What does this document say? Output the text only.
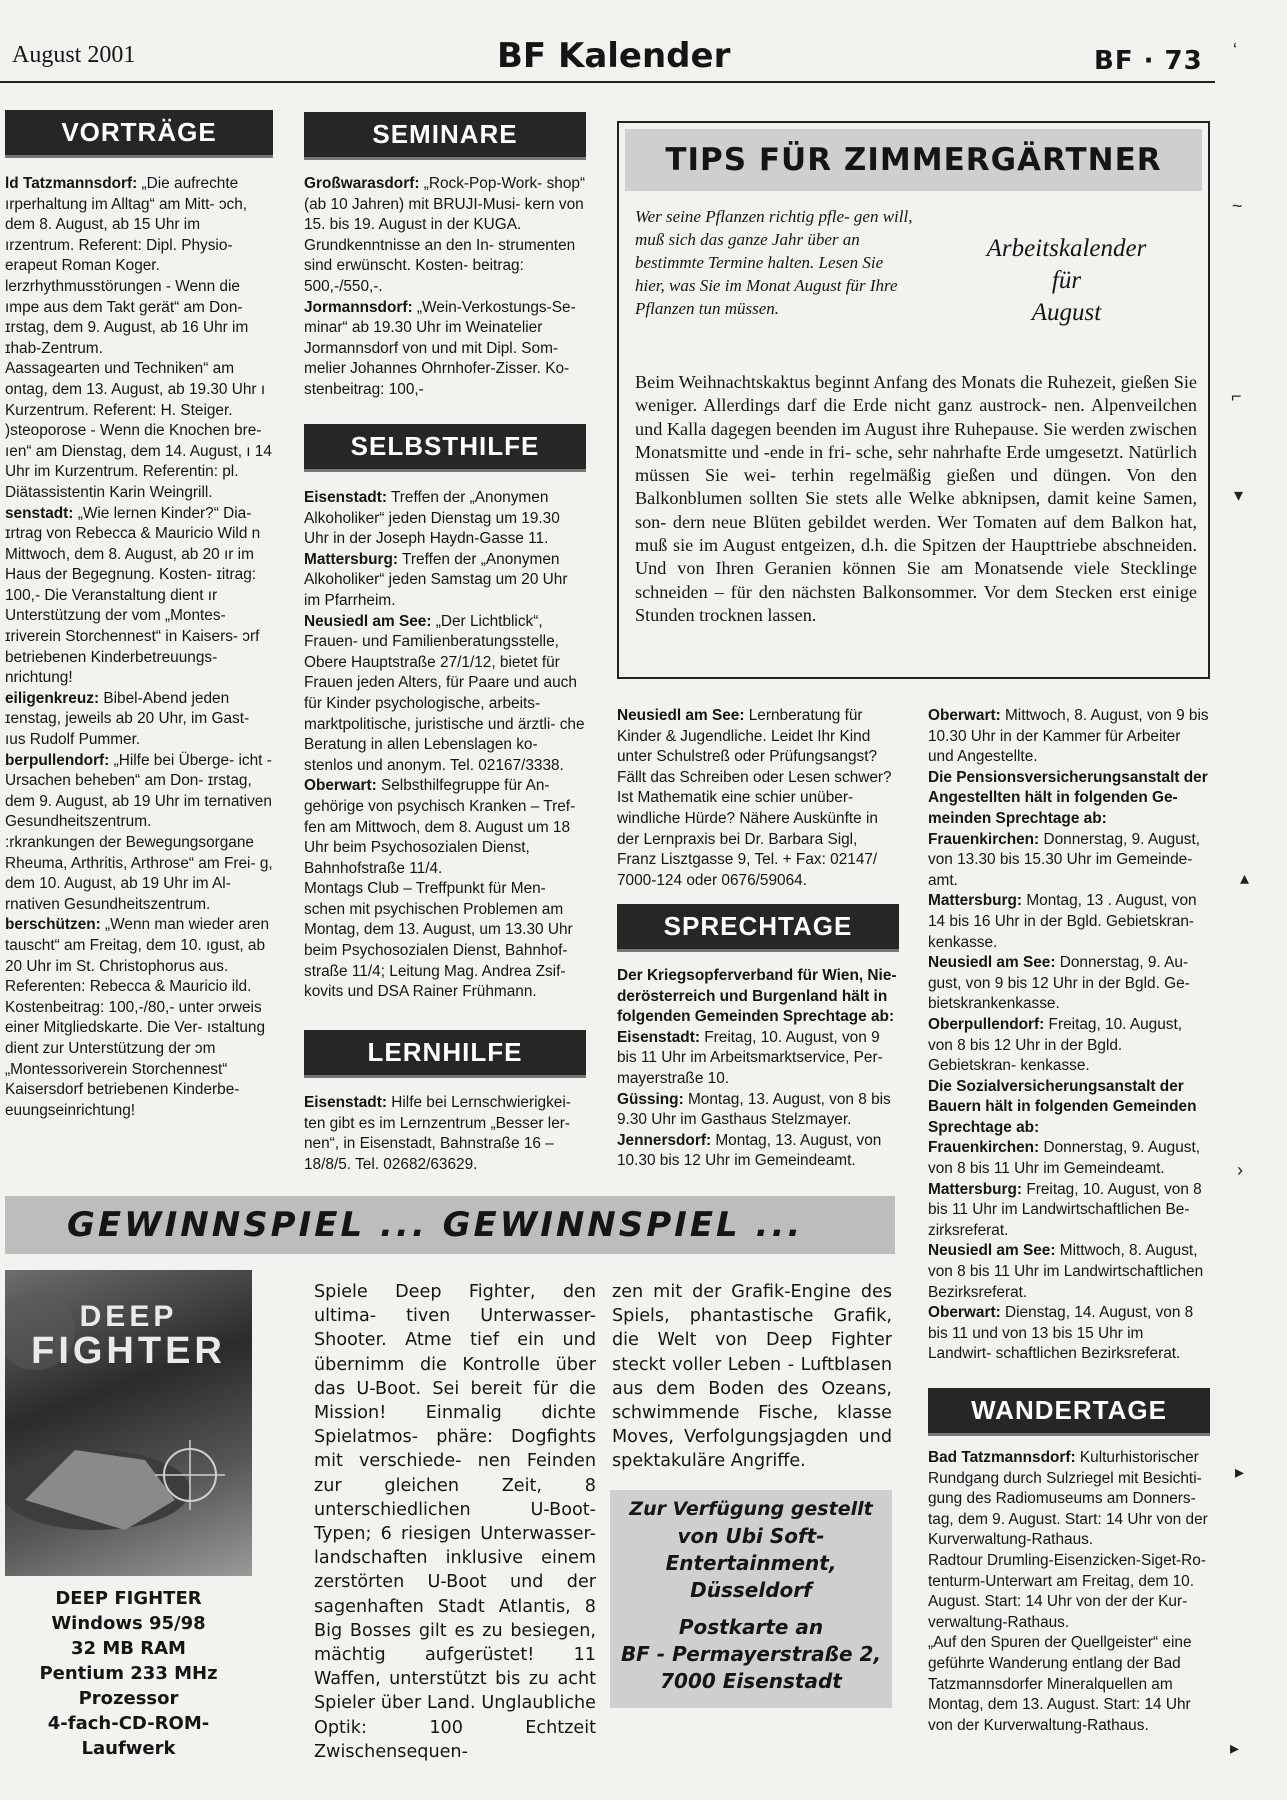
August 2001	BF Kalender	BF · 73
VORTRÄGE

ld Tatzmannsdorf: „Die aufrechte ırperhaltung im Alltag“ am Mitt- ɔch, dem 8. August, ab 15 Uhr im ırzentrum. Referent: Dipl. Physio- erapeut Roman Koger.

lerzrhythmusstörungen - Wenn die ımpe aus dem Takt gerät“ am Don- ɪrstag, dem 9. August, ab 16 Uhr im ɪhab-Zentrum.

Aassagearten und Techniken“ am ontag, dem 13. August, ab 19.30 Uhr ı Kurzentrum. Referent: H. Steiger.

)steoporose - Wenn die Knochen bre- ıen“ am Dienstag, dem 14. August, ı 14 Uhr im Kurzentrum. Referentin: pl. Diätassistentin Karin Weingrill.

senstadt: „Wie lernen Kinder?“ Dia- ɪrtrag von Rebecca & Mauricio Wild n Mittwoch, dem 8. August, ab 20 ır im Haus der Begegnung. Kosten- ɪitrag: 100,- Die Veranstaltung dient ır Unterstützung der vom „Montes- ɪriverein Storchennest“ in Kaisers- ɔrf betriebenen Kinderbetreuungs- nrichtung!

eiligenkreuz: Bibel-Abend jeden ɪenstag, jeweils ab 20 Uhr, im Gast- ıus Rudolf Pummer.

berpullendorf: „Hilfe bei Überge- icht - Ursachen beheben“ am Don- ɪrstag, dem 9. August, ab 19 Uhr im ternativen Gesundheitszentrum.

:rkrankungen der Bewegungsorgane Rheuma, Arthritis, Arthrose“ am Frei- g, dem 10. August, ab 19 Uhr im Al- rnativen Gesundheitszentrum.

berschützen: „Wenn man wieder aren tauscht“ am Freitag, dem 10. ıgust, ab 20 Uhr im St. Christophorus aus. Referenten: Rebecca & Mauricio ild. Kostenbeitrag: 100,-/80,- unter ɔrweis einer Mitgliedskarte. Die Ver- ıstaltung dient zur Unterstützung der ɔm „Montessoriverein Storchennest“ Kaisersdorf betriebenen Kinderbe- euungseinrichtung!

SEMINARE

Großwarasdorf: „Rock-Pop-Work- shop“ (ab 10 Jahren) mit BRUJI-Musi- kern von 15. bis 19. August in der KUGA. Grundkenntnisse an den In- strumenten sind erwünscht. Kosten- beitrag: 500,-/550,-.

Jormannsdorf: „Wein-Verkostungs-Se- minar“ ab 19.30 Uhr im Weinatelier Jormannsdorf von und mit Dipl. Som- melier Johannes Ohrnhofer-Zisser. Ko- stenbeitrag: 100,-

SELBSTHILFE

Eisenstadt: Treffen der „Anonymen Alkoholiker“ jeden Dienstag um 19.30 Uhr in der Joseph Haydn-Gasse 11.

Mattersburg: Treffen der „Anonymen Alkoholiker“ jeden Samstag um 20 Uhr im Pfarrheim.

Neusiedl am See: „Der Lichtblick“, Frauen- und Familienberatungsstelle, Obere Hauptstraße 27/1/12, bietet für Frauen jeden Alters, für Paare und auch für Kinder psychologische, arbeits- marktpolitische, juristische und ärztli- che Beratung in allen Lebenslagen ko- stenlos und anonym. Tel. 02167/3338.

Oberwart: Selbsthilfegruppe für An- gehörige von psychisch Kranken – Tref- fen am Mittwoch, dem 8. August um 18 Uhr beim Psychosozialen Dienst, Bahnhofstraße 11/4.

Montags Club – Treffpunkt für Men- schen mit psychischen Problemen am Montag, dem 13. August, um 13.30 Uhr beim Psychosozialen Dienst, Bahnhof- straße 11/4; Leitung Mag. Andrea Zsif- kovits und DSA Rainer Frühmann.

LERNHILFE

Eisenstadt: Hilfe bei Lernschwierigkei- ten gibt es im Lernzentrum „Besser ler- nen“, in Eisenstadt, Bahnstraße 16 – 18/8/5. Tel. 02682/63629.

TIPS FÜR ZIMMERGÄRTNER
Wer seine Pflanzen richtig pfle- gen will, muß sich das ganze Jahr über an bestimmte Termine halten. Lesen Sie hier, was Sie im Monat August für Ihre Pflanzen tun müssen.
Arbeitskalender
für
August
Beim Weihnachtskaktus beginnt Anfang des Monats die Ruhezeit, gießen Sie weniger. Allerdings darf die Erde nicht ganz austrock- nen. Alpenveilchen und Kalla dagegen beenden im August ihre Ruhepause. Sie werden zwischen Monatsmitte und -ende in fri- sche, sehr nahrhafte Erde umgesetzt. Natürlich müssen Sie wei- terhin regelmäßig gießen und düngen. Von den Balkonblumen sollten Sie stets alle Welke abknipsen, damit keine Samen, son- dern neue Blüten gebildet werden. Wer Tomaten auf dem Balkon hat, muß sie im August entgeizen, d.h. die Spitzen der Haupttriebe abschneiden. Und von Ihren Geranien können Sie am Monatsende viele Stecklinge schneiden – für den nächsten Balkonsommer. Vor dem Stecken erst einige Stunden trocknen lassen.
Neusiedl am See: Lernberatung für Kinder & Jugendliche. Leidet Ihr Kind unter Schulstreß oder Prüfungsangst? Fällt das Schreiben oder Lesen schwer? Ist Mathematik eine schier unüber- windliche Hürde? Nähere Auskünfte in der Lernpraxis bei Dr. Barbara Sigl, Franz Lisztgasse 9, Tel. + Fax: 02147/ 7000-124 oder 0676/59064.
SPRECHTAGE

Der Kriegsopferverband für Wien, Nie- derösterreich und Burgenland hält in folgenden Gemeinden Sprechtage ab:

Eisenstadt: Freitag, 10. August, von 9 bis 11 Uhr im Arbeitsmarktservice, Per- mayerstraße 10.

Güssing: Montag, 13. August, von 8 bis 9.30 Uhr im Gasthaus Stelzmayer.

Jennersdorf: Montag, 13. August, von 10.30 bis 12 Uhr im Gemeindeamt.

Oberwart: Mittwoch, 8. August, von 9 bis 10.30 Uhr in der Kammer für Arbeiter und Angestellte.

Die Pensionsversicherungsanstalt der Angestellten hält in folgenden Ge- meinden Sprechtage ab:

Frauenkirchen: Donnerstag, 9. August, von 13.30 bis 15.30 Uhr im Gemeinde- amt.

Mattersburg: Montag, 13 . August, von 14 bis 16 Uhr in der Bgld. Gebietskran- kenkasse.

Neusiedl am See: Donnerstag, 9. Au- gust, von 9 bis 12 Uhr in der Bgld. Ge- bietskrankenkasse.

Oberpullendorf: Freitag, 10. August, von 8 bis 12 Uhr in der Bgld. Gebietskran- kenkasse.

Die Sozialversicherungsanstalt der Bauern hält in folgenden Gemeinden Sprechtage ab:

Frauenkirchen: Donnerstag, 9. August, von 8 bis 11 Uhr im Gemeindeamt.

Mattersburg: Freitag, 10. August, von 8 bis 11 Uhr im Landwirtschaftlichen Be- zirksreferat.

Neusiedl am See: Mittwoch, 8. August, von 8 bis 11 Uhr im Landwirtschaftlichen Bezirksreferat.

Oberwart: Dienstag, 14. August, von 8 bis 11 und von 13 bis 15 Uhr im Landwirt- schaftlichen Bezirksreferat.

WANDERTAGE

Bad Tatzmannsdorf: Kulturhistorischer Rundgang durch Sulzriegel mit Besichti- gung des Radiomuseums am Donners- tag, dem 9. August. Start: 14 Uhr von der Kurverwaltung-Rathaus.

Radtour Drumling-Eisenzicken-Siget-Ro- tenturm-Unterwart am Freitag, dem 10. August. Start: 14 Uhr von der der Kur- verwaltung-Rathaus.

„Auf den Spuren der Quellgeister“ eine geführte Wanderung entlang der Bad Tatzmannsdorfer Mineralquellen am Montag, dem 13. August. Start: 14 Uhr von der Kurverwaltung-Rathaus.

GEWINNSPIEL ... GEWINNSPIEL ...
DEEP
FIGHTER
DEEP FIGHTER
Windows 95/98
32 MB RAM
Pentium 233 MHz Prozessor
4-fach-CD-ROM-Laufwerk
Spiele Deep Fighter, den ultima- tiven Unterwasser-Shooter. Atme tief ein und übernimm die Kontrolle über das U-Boot. Sei bereit für die Mission! Einmalig dichte Spielatmos- phäre: Dogfights mit verschiede- nen Feinden zur gleichen Zeit, 8 unterschiedlichen U-Boot- Typen; 6 riesigen Unterwasser- landschaften inklusive einem zerstörten U-Boot und der sagenhaften Stadt Atlantis, 8 Big Bosses gilt es zu besiegen, mächtig aufgerüstet! 11 Waffen, unterstützt bis zu acht Spieler über Land. Unglaubliche Optik: 100 Echtzeit Zwischensequen-
zen mit der Grafik-Engine des Spiels, phantastische Grafik, die Welt von Deep Fighter steckt voller Leben - Luftblasen aus dem Boden des Ozeans, schwimmende Fische, klasse Moves, Verfolgungsjagden und spektakuläre Angriffe.
Zur Verfügung gestellt
von Ubi Soft-
Entertainment,
Düsseldorf
Postkarte an
BF - Permayerstraße 2,
7000 Eisenstadt
‘
~
⌐
▾
▴
›
▸
▸
